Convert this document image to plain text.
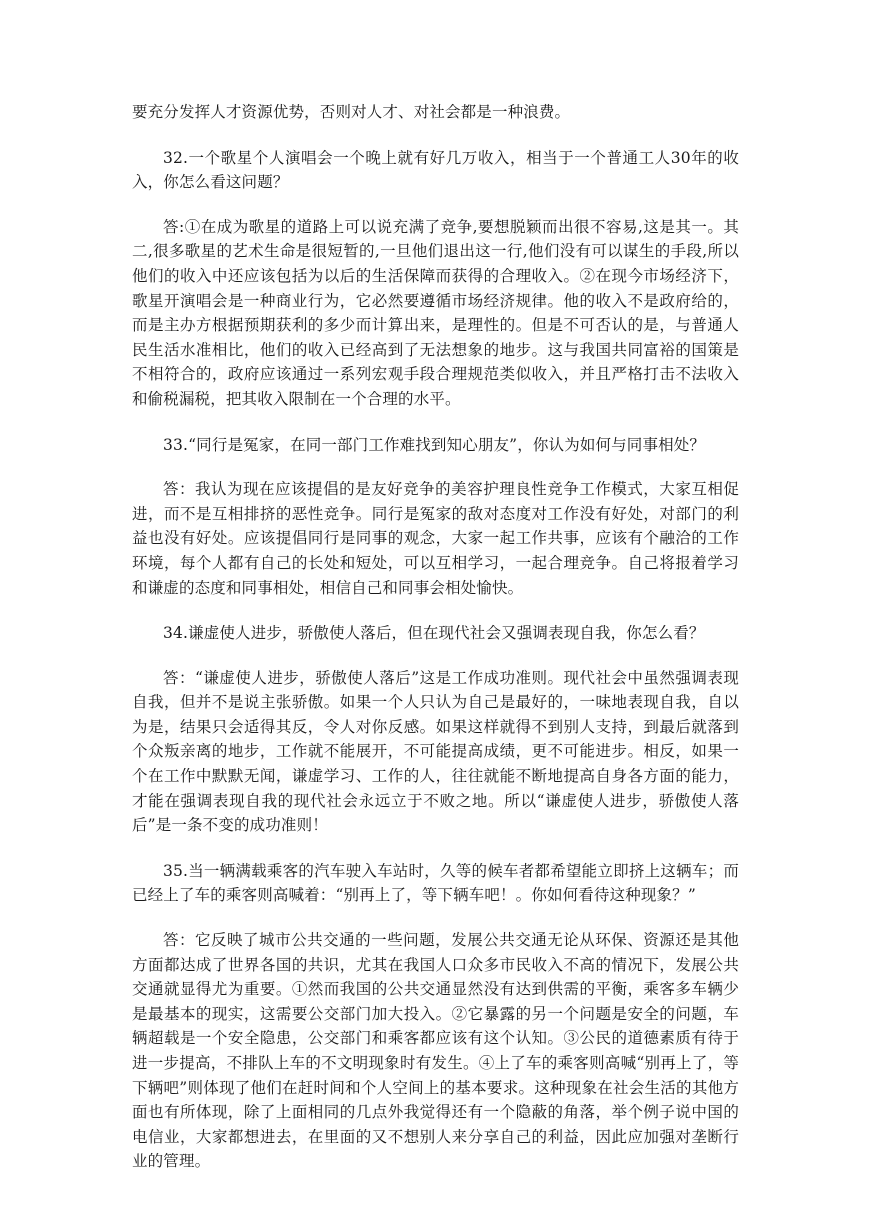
要充分发挥人才资源优势，否则对人才、对社会都是一种浪费。

32.一个歌星个人演唱会一个晚上就有好几万收入，相当于一个普通工人30年的收入，你怎么看这问题？

答:①在成为歌星的道路上可以说充满了竞争,要想脱颖而出很不容易,这是其一。其二,很多歌星的艺术生命是很短暂的,一旦他们退出这一行,他们没有可以谋生的手段,所以他们的收入中还应该包括为以后的生活保障而获得的合理收入。②在现今市场经济下，歌星开演唱会是一种商业行为，它必然要遵循市场经济规律。他的收入不是政府给的，而是主办方根据预期获利的多少而计算出来，是理性的。但是不可否认的是，与普通人民生活水准相比，他们的收入已经高到了无法想象的地步。这与我国共同富裕的国策是不相符合的，政府应该通过一系列宏观手段合理规范类似收入，并且严格打击不法收入和偷税漏税，把其收入限制在一个合理的水平。

33.“同行是冤家，在同一部门工作难找到知心朋友”，你认为如何与同事相处？

答：我认为现在应该提倡的是友好竞争的美容护理良性竞争工作模式，大家互相促进，而不是互相排挤的恶性竞争。同行是冤家的敌对态度对工作没有好处，对部门的利益也没有好处。应该提倡同行是同事的观念，大家一起工作共事，应该有个融洽的工作环境，每个人都有自己的长处和短处，可以互相学习，一起合理竞争。自己将报着学习和谦虚的态度和同事相处，相信自己和同事会相处愉快。

34.谦虚使人进步，骄傲使人落后，但在现代社会又强调表现自我，你怎么看？

答：“谦虚使人进步，骄傲使人落后”这是工作成功准则。现代社会中虽然强调表现自我，但并不是说主张骄傲。如果一个人只认为自己是最好的，一味地表现自我，自以为是，结果只会适得其反，令人对你反感。如果这样就得不到别人支持，到最后就落到个众叛亲离的地步，工作就不能展开，不可能提高成绩，更不可能进步。相反，如果一个在工作中默默无闻，谦虚学习、工作的人，往往就能不断地提高自身各方面的能力，才能在强调表现自我的现代社会永远立于不败之地。所以“谦虚使人进步，骄傲使人落后”是一条不变的成功准则！

35.当一辆满载乘客的汽车驶入车站时，久等的候车者都希望能立即挤上这辆车；而已经上了车的乘客则高喊着：“别再上了，等下辆车吧！。你如何看待这种现象？”

答：它反映了城市公共交通的一些问题，发展公共交通无论从环保、资源还是其他方面都达成了世界各国的共识，尤其在我国人口众多市民收入不高的情况下，发展公共交通就显得尤为重要。①然而我国的公共交通显然没有达到供需的平衡，乘客多车辆少是最基本的现实，这需要公交部门加大投入。②它暴露的另一个问题是安全的问题，车辆超载是一个安全隐患，公交部门和乘客都应该有这个认知。③公民的道德素质有待于进一步提高，不排队上车的不文明现象时有发生。④上了车的乘客则高喊“别再上了，等下辆吧”则体现了他们在赶时间和个人空间上的基本要求。这种现象在社会生活的其他方面也有所体现，除了上面相同的几点外我觉得还有一个隐蔽的角落，举个例子说中国的电信业，大家都想进去，在里面的又不想别人来分享自己的利益，因此应加强对垄断行业的管理。
